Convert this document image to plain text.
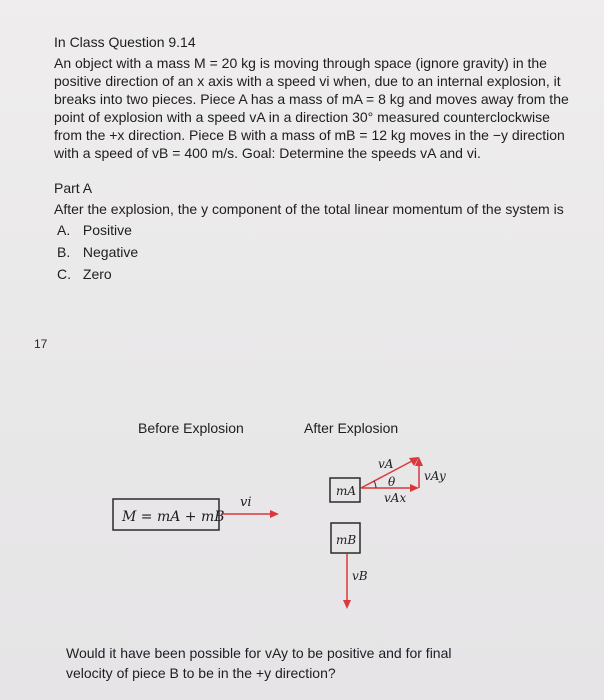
In Class Question 9.14
An object with a mass M = 20 kg is moving through space (ignore gravity) in the
positive direction of an x axis with a speed vi when, due to an internal explosion, it
breaks into two pieces. Piece A has a mass of mA = 8 kg and moves away from the
point of explosion with a speed vA in a direction 30° measured counterclockwise
from the +x direction. Piece B with a mass of mB = 12 kg moves in the −y direction
with a speed of vB = 400 m/s. Goal: Determine the speeds vA and vi.
Part A
After the explosion, the y component of the total linear momentum of the system is
A. Positive
B. Negative
C. Zero
17
Before Explosion	After Explosion
M = mA + mB
vi
mA
vA
vAx
vAy
θ
mB
vB
Would it have been possible for vAy to be positive and for final
velocity of piece B to be in the +y direction?
